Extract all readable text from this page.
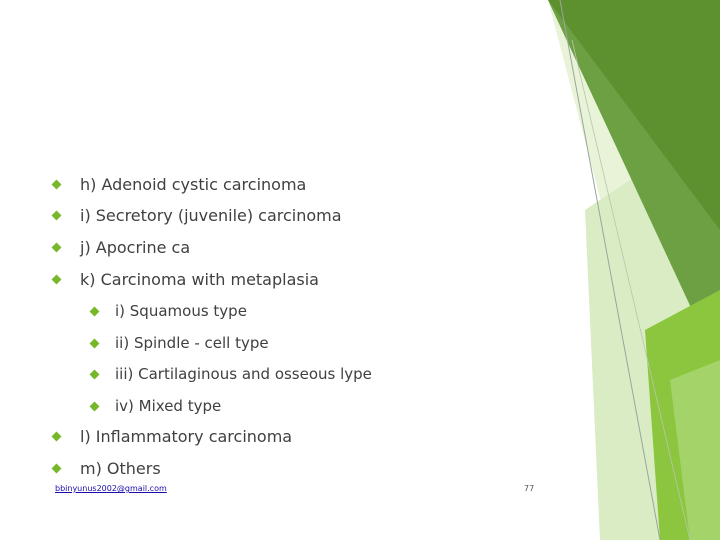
h) Adenoid cystic carcinoma
i) Secretory (juvenile) carcinoma
j) Apocrine ca
k) Carcinoma with metaplasia
i) Squamous type
ii) Spindle - cell type
iii) Cartilaginous and osseous lype
iv) Mixed type
l) Inflammatory carcinoma
m) Others
bbinyunus2002@gmail.com	77
